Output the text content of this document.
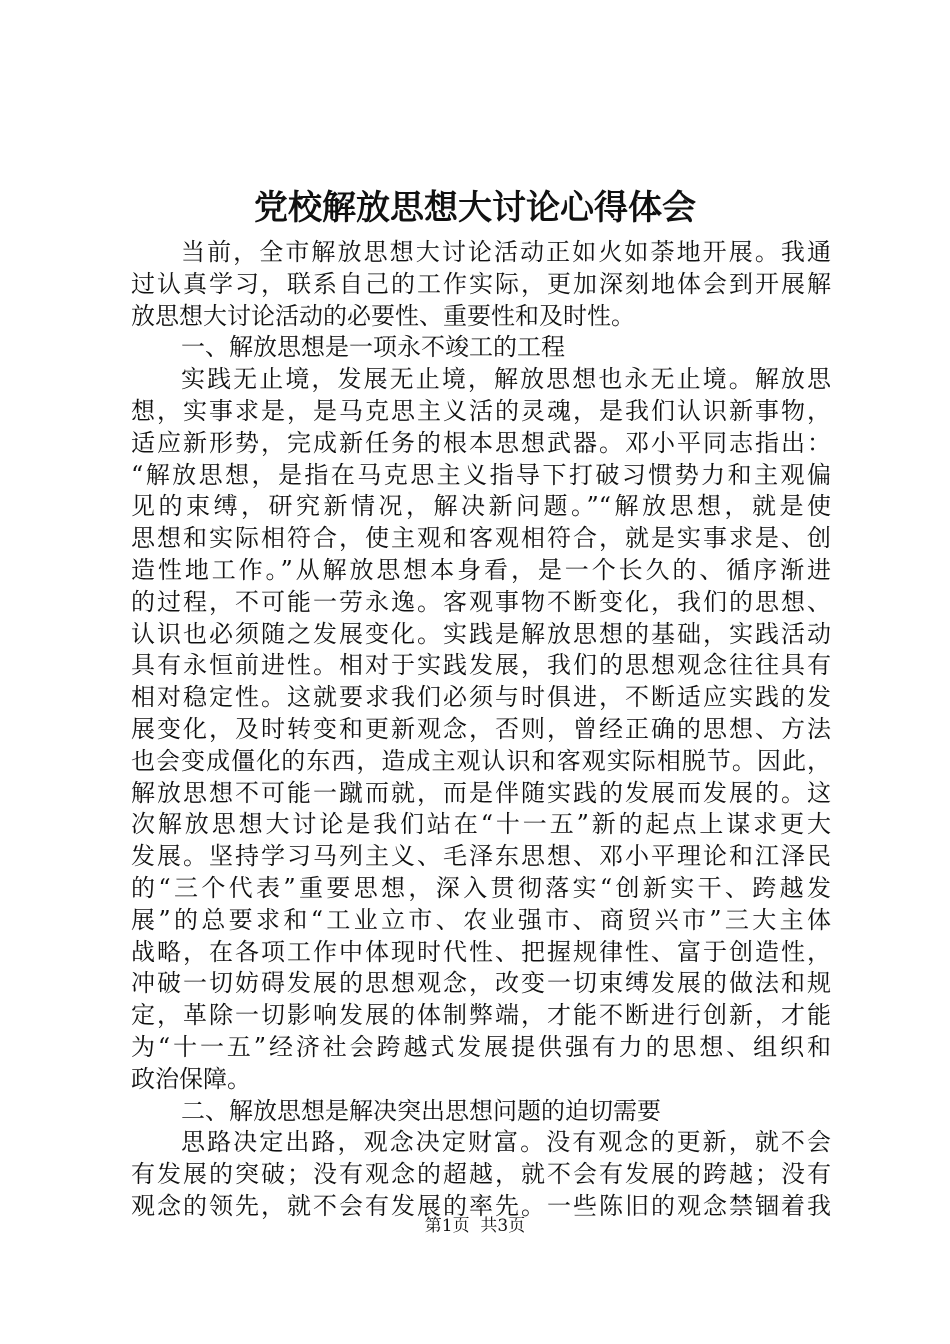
党校解放思想大讨论心得体会
当前，全市解放思想大讨论活动正如火如荼地开展。我通
过认真学习，联系自己的工作实际，更加深刻地体会到开展解
放思想大讨论活动的必要性、重要性和及时性。
一、解放思想是一项永不竣工的工程
实践无止境，发展无止境，解放思想也永无止境。解放思
想，实事求是，是马克思主义活的灵魂，是我们认识新事物，
适应新形势，完成新任务的根本思想武器。邓小平同志指出：
“解放思想，是指在马克思主义指导下打破习惯势力和主观偏
见的束缚，研究新情况，解决新问题。”“解放思想，就是使
思想和实际相符合，使主观和客观相符合，就是实事求是、创
造性地工作。”从解放思想本身看，是一个长久的、循序渐进
的过程，不可能一劳永逸。客观事物不断变化，我们的思想、
认识也必须随之发展变化。实践是解放思想的基础，实践活动
具有永恒前进性。相对于实践发展，我们的思想观念往往具有
相对稳定性。这就要求我们必须与时俱进，不断适应实践的发
展变化，及时转变和更新观念，否则，曾经正确的思想、方法
也会变成僵化的东西，造成主观认识和客观实际相脱节。因此，
解放思想不可能一蹴而就，而是伴随实践的发展而发展的。这
次解放思想大讨论是我们站在“十一五”新的起点上谋求更大
发展。坚持学习马列主义、毛泽东思想、邓小平理论和江泽民
的“三个代表”重要思想，深入贯彻落实“创新实干、跨越发
展”的总要求和“工业立市、农业强市、商贸兴市”三大主体
战略，在各项工作中体现时代性、把握规律性、富于创造性，
冲破一切妨碍发展的思想观念，改变一切束缚发展的做法和规
定，革除一切影响发展的体制弊端，才能不断进行创新，才能
为“十一五”经济社会跨越式发展提供强有力的思想、组织和
政治保障。
二、解放思想是解决突出思想问题的迫切需要
思路决定出路，观念决定财富。没有观念的更新，就不会
有发展的突破；没有观念的超越，就不会有发展的跨越；没有
观念的领先，就不会有发展的率先。一些陈旧的观念禁锢着我
第1页 共3页
